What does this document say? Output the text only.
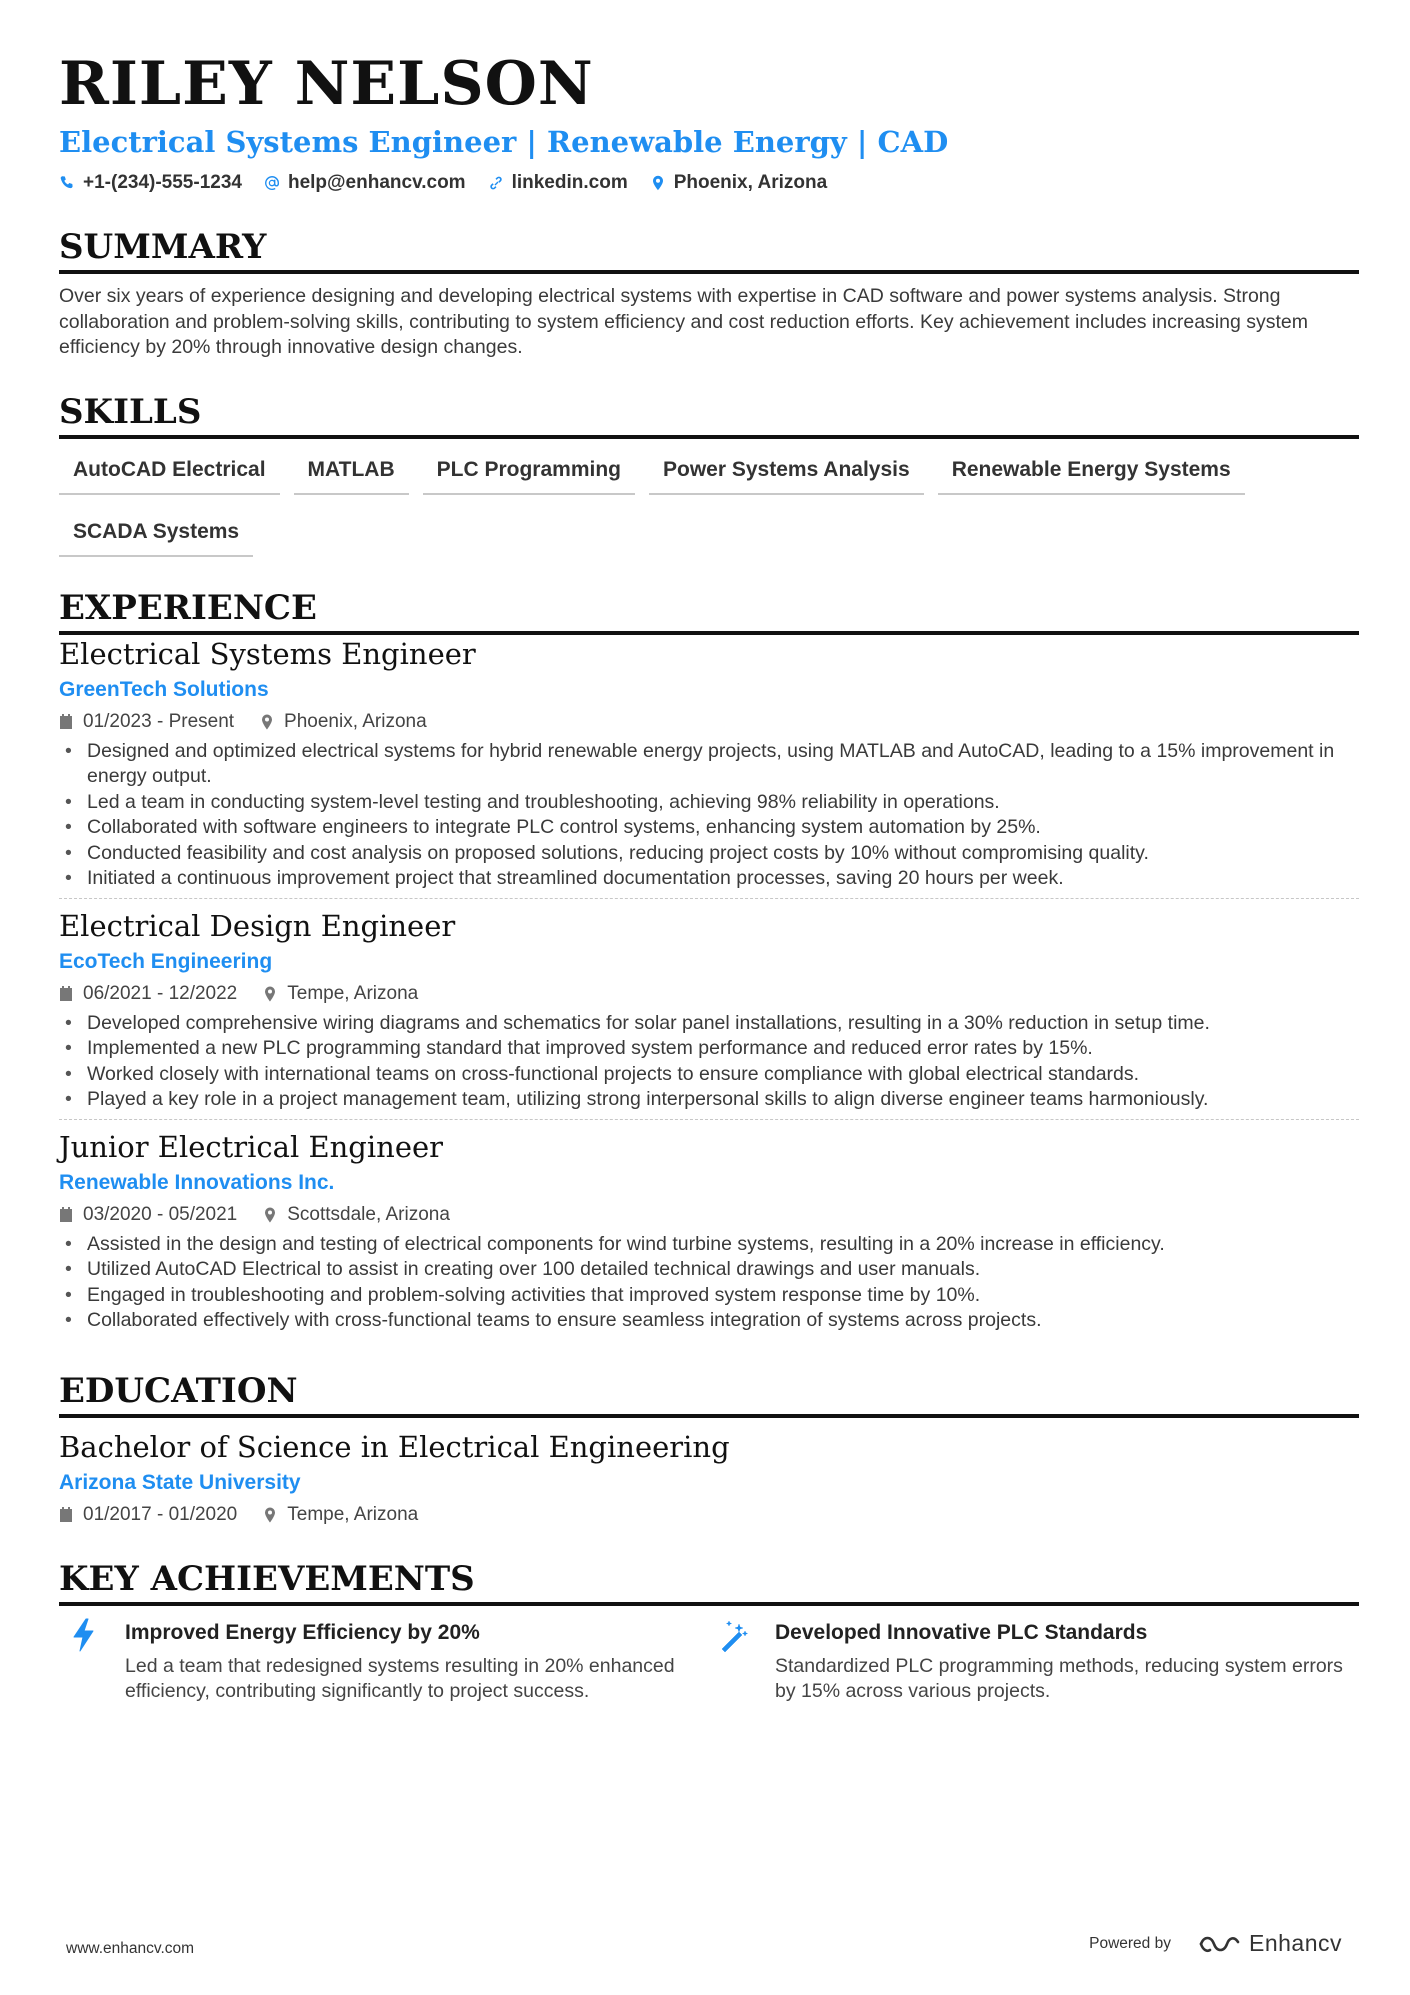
RILEY NELSON
Electrical Systems Engineer | Renewable Energy | CAD
+1-(234)-555-1234 help@enhancv.com linkedin.com Phoenix, Arizona
SUMMARY
Over six years of experience designing and developing electrical systems with expertise in CAD software and power systems analysis. Strong collaboration and problem-solving skills, contributing to system efficiency and cost reduction efforts. Key achievement includes increasing system efficiency by 20% through innovative design changes.
SKILLS
AutoCAD Electrical	MATLAB	PLC Programming	Power Systems Analysis	Renewable Energy Systems
SCADA Systems
EXPERIENCE
Electrical Systems Engineer
GreenTech Solutions
01/2023 - Present	Phoenix, Arizona
• Designed and optimized electrical systems for hybrid renewable energy projects, using MATLAB and AutoCAD, leading to a 15% improvement in energy output.
• Led a team in conducting system-level testing and troubleshooting, achieving 98% reliability in operations.
• Collaborated with software engineers to integrate PLC control systems, enhancing system automation by 25%.
• Conducted feasibility and cost analysis on proposed solutions, reducing project costs by 10% without compromising quality.
• Initiated a continuous improvement project that streamlined documentation processes, saving 20 hours per week.
Electrical Design Engineer
EcoTech Engineering
06/2021 - 12/2022	Tempe, Arizona
• Developed comprehensive wiring diagrams and schematics for solar panel installations, resulting in a 30% reduction in setup time.
• Implemented a new PLC programming standard that improved system performance and reduced error rates by 15%.
• Worked closely with international teams on cross-functional projects to ensure compliance with global electrical standards.
• Played a key role in a project management team, utilizing strong interpersonal skills to align diverse engineer teams harmoniously.
Junior Electrical Engineer
Renewable Innovations Inc.
03/2020 - 05/2021	Scottsdale, Arizona
• Assisted in the design and testing of electrical components for wind turbine systems, resulting in a 20% increase in efficiency.
• Utilized AutoCAD Electrical to assist in creating over 100 detailed technical drawings and user manuals.
• Engaged in troubleshooting and problem-solving activities that improved system response time by 10%.
• Collaborated effectively with cross-functional teams to ensure seamless integration of systems across projects.
EDUCATION
Bachelor of Science in Electrical Engineering
Arizona State University
01/2017 - 01/2020	Tempe, Arizona
KEY ACHIEVEMENTS
Improved Energy Efficiency by 20%
Led a team that redesigned systems resulting in 20% enhanced efficiency, contributing significantly to project success.
Developed Innovative PLC Standards
Standardized PLC programming methods, reducing system errors by 15% across various projects.
www.enhancv.com	Powered by	Enhancv
